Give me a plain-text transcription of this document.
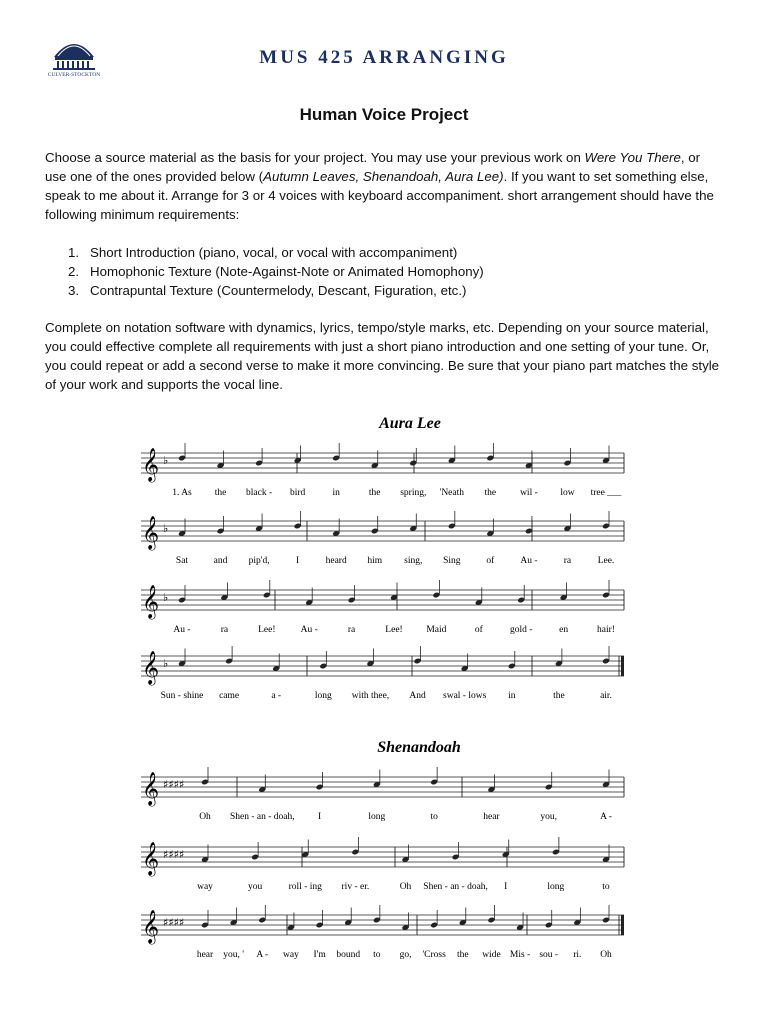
CULVER-STOCKTON
MUS 425 ARRANGING
Human Voice Project
Choose a source material as the basis for your project. You may use your previous work on Were You There, or use one of the ones provided below (Autumn Leaves, Shenandoah, Aura Lee). If you want to set something else, speak to me about it. Arrange for 3 or 4 voices with keyboard accompaniment. short arrangement should have the following minimum requirements:
1. Short Introduction (piano, vocal, or vocal with accompaniment)
2. Homophonic Texture (Note-Against-Note or Animated Homophony)
3. Contrapuntal Texture (Countermelody, Descant, Figuration, etc.)
Complete on notation software with dynamics, lyrics, tempo/style marks, etc. Depending on your source material, you could effective complete all requirements with just a short piano introduction and one setting of your tune. Or, you could repeat or add a second verse to make it more convincing. Be sure that your piano part matches the style of your work and supports the vocal line.
Aura Lee
Shenandoah
𝄞 ♭
1. As the black - bird	in	the spring, 'Neath the	wil - low tree ___
𝄞 ♭
Sat	and pip'd,	I	heard him sing, Sing	of	Au -	ra	Lee.
𝄞 ♭
Au -	ra	Lee!	Au -	ra	Lee! Maid	of	gold -	en	hair!
𝄞 ♭
Sun - shine came	a -	long with thee, And swal - lows in	the	air.
𝄞 ♯♯♯♯
Oh Shen - an - doah, I	long	to	hear	you,	A -
𝄞 ♯♯♯♯
way	you	roll - ing riv - er.	Oh Shen - an - doah, I	long	to
𝄞 ♯♯♯♯
hear you, ' A - way I'm bound to go, 'Cross the wide Mis - sou - ri. Oh
